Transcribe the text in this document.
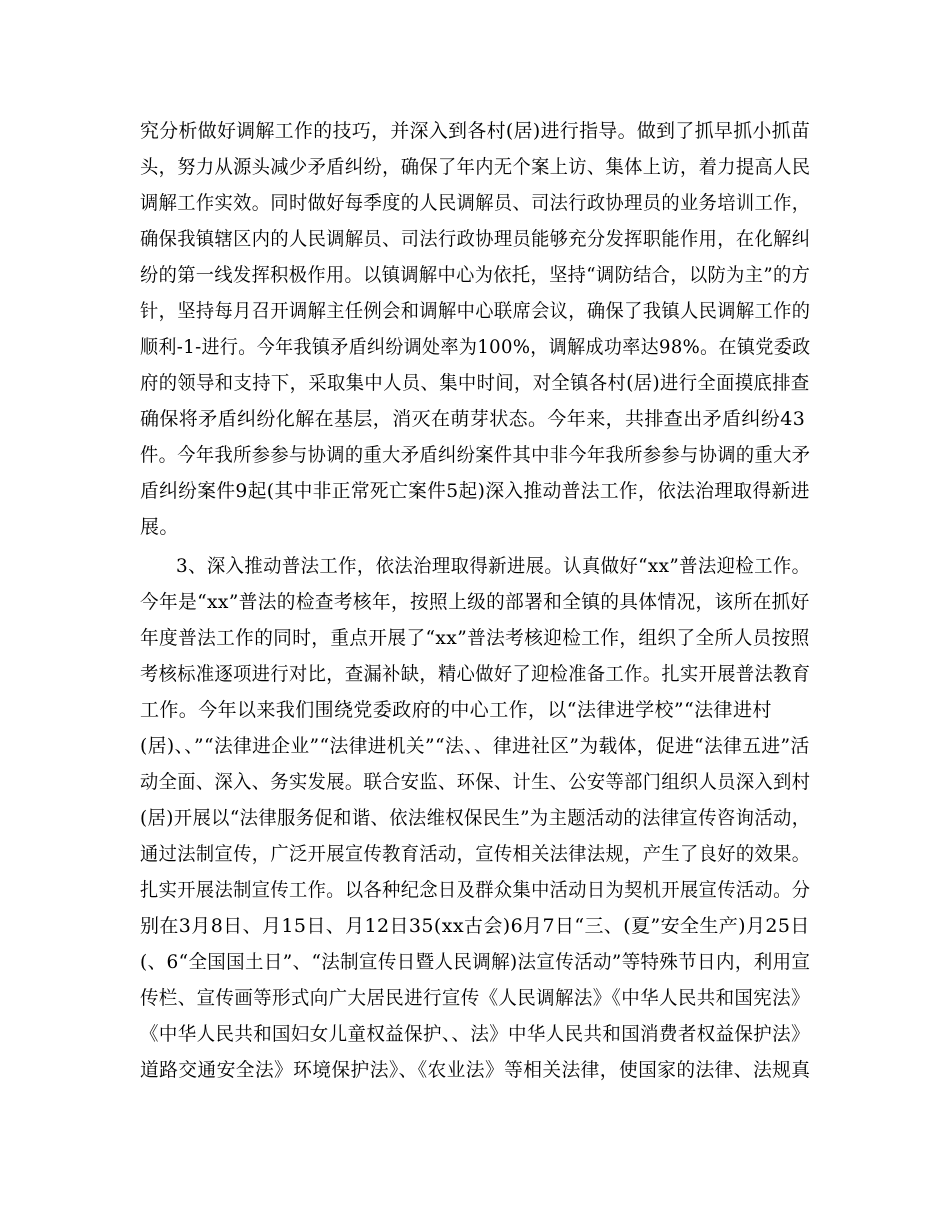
究分析做好调解工作的技巧，并深入到各村(居)进行指导。做到了抓早抓小抓苗
头，努力从源头减少矛盾纠纷，确保了年内无个案上访、集体上访，着力提高人民
调解工作实效。同时做好每季度的人民调解员、司法行政协理员的业务培训工作，
确保我镇辖区内的人民调解员、司法行政协理员能够充分发挥职能作用，在化解纠
纷的第一线发挥积极作用。以镇调解中心为依托，坚持“调防结合，以防为主”的方
针，坚持每月召开调解主任例会和调解中心联席会议，确保了我镇人民调解工作的
顺利-1-进行。今年我镇矛盾纠纷调处率为100%，调解成功率达98%。在镇党委政
府的领导和支持下，采取集中人员、集中时间，对全镇各村(居)进行全面摸底排查
确保将矛盾纠纷化解在基层，消灭在萌芽状态。今年来，共排查出矛盾纠纷43
件。今年我所参参与协调的重大矛盾纠纷案件其中非今年我所参参与协调的重大矛
盾纠纷案件9起(其中非正常死亡案件5起)深入推动普法工作，依法治理取得新进
展。
3、深入推动普法工作，依法治理取得新进展。认真做好“xx”普法迎检工作。
今年是“xx”普法的检查考核年，按照上级的部署和全镇的具体情况，该所在抓好
年度普法工作的同时，重点开展了“xx”普法考核迎检工作，组织了全所人员按照
考核标准逐项进行对比，查漏补缺，精心做好了迎检准备工作。扎实开展普法教育
工作。今年以来我们围绕党委政府的中心工作，以“法律进学校”“法律进村
(居)、、”“法律进企业”“法律进机关”“法、、律进社区”为载体，促进“法律五进”活
动全面、深入、务实发展。联合安监、环保、计生、公安等部门组织人员深入到村
(居)开展以“法律服务促和谐、依法维权保民生”为主题活动的法律宣传咨询活动，
通过法制宣传，广泛开展宣传教育活动，宣传相关法律法规，产生了良好的效果。
扎实开展法制宣传工作。以各种纪念日及群众集中活动日为契机开展宣传活动。分
别在3月8日、月15日、月12日35(xx古会)6月7日“三、(夏”安全生产)月25日
(、6“全国国土日”、“法制宣传日暨人民调解)法宣传活动”等特殊节日内，利用宣
传栏、宣传画等形式向广大居民进行宣传《人民调解法》《中华人民共和国宪法》
《中华人民共和国妇女儿童权益保护、、法》中华人民共和国消费者权益保护法》
道路交通安全法》环境保护法》、《农业法》等相关法律，使国家的法律、法规真
